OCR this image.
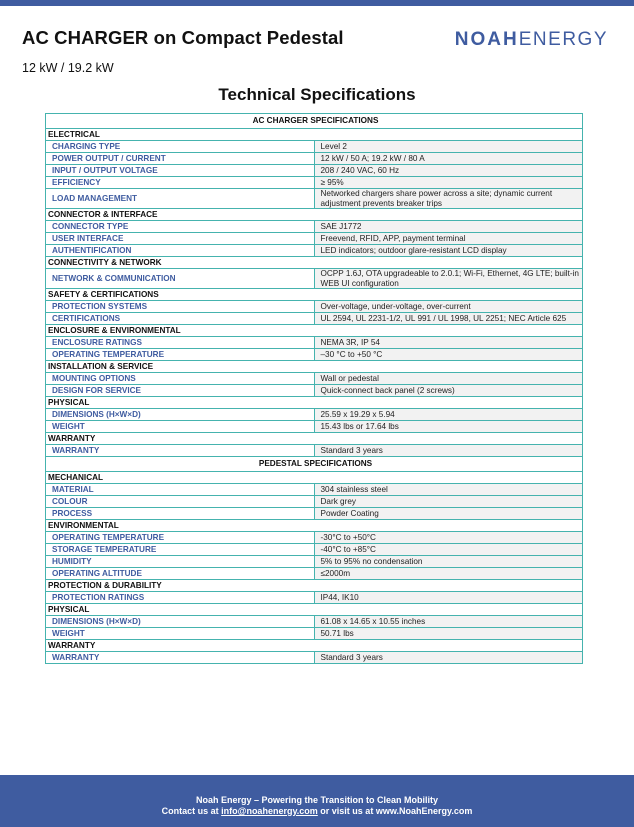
AC CHARGER on Compact Pedestal
12 kW / 19.2 kW
NOAHENERGY
Technical Specifications
AC CHARGER SPECIFICATIONS	
ELECTRICAL	
CHARGING TYPE	Level 2
POWER OUTPUT / CURRENT	12 kW / 50 A; 19.2 kW / 80 A
INPUT / OUTPUT VOLTAGE	208 / 240 VAC, 60 Hz
EFFICIENCY	≥ 95%
LOAD MANAGEMENT	Networked chargers share power across a site; dynamic current adjustment prevents breaker trips
CONNECTOR & INTERFACE	
CONNECTOR TYPE	SAE J1772
USER INTERFACE	Freevend, RFID, APP, payment terminal
AUTHENTIFICATION	LED indicators; outdoor glare-resistant LCD display
CONNECTIVITY & NETWORK	
NETWORK & COMMUNICATION	OCPP 1.6J, OTA upgradeable to 2.0.1; Wi-Fi, Ethernet, 4G LTE; built-in WEB UI configuration
SAFETY & CERTIFICATIONS	
PROTECTION SYSTEMS	Over-voltage, under-voltage, over-current
CERTIFICATIONS	UL 2594, UL 2231-1/2, UL 991 / UL 1998, UL 2251; NEC Article 625
ENCLOSURE & ENVIRONMENTAL	
ENCLOSURE RATINGS	NEMA 3R, IP 54
OPERATING TEMPERATURE	–30 °C to +50 °C
INSTALLATION & SERVICE	
MOUNTING OPTIONS	Wall or pedestal
DESIGN FOR SERVICE	Quick-connect back panel (2 screws)
PHYSICAL	
DIMENSIONS (H×W×D)	25.59 x 19.29 x 5.94
WEIGHT	15.43 lbs or 17.64 lbs
WARRANTY	
WARRANTY	Standard 3 years
PEDESTAL SPECIFICATIONS	
MECHANICAL	
MATERIAL	304 stainless steel
COLOUR	Dark grey
PROCESS	Powder Coating
ENVIRONMENTAL	
OPERATING TEMPERATURE	-30°C to +50°C
STORAGE TEMPERATURE	-40°C to +85°C
HUMIDITY	5% to 95% no condensation
OPERATING ALTITUDE	≤2000m
PROTECTION & DURABILITY	
PROTECTION RATINGS	IP44, IK10
PHYSICAL	
DIMENSIONS (H×W×D)	61.08 x 14.65 x 10.55 inches
WEIGHT	50.71 lbs
WARRANTY	
WARRANTY	Standard 3 years
Noah Energy – Powering the Transition to Clean Mobility
Contact us at info@noahenergy.com or visit us at www.NoahEnergy.com
